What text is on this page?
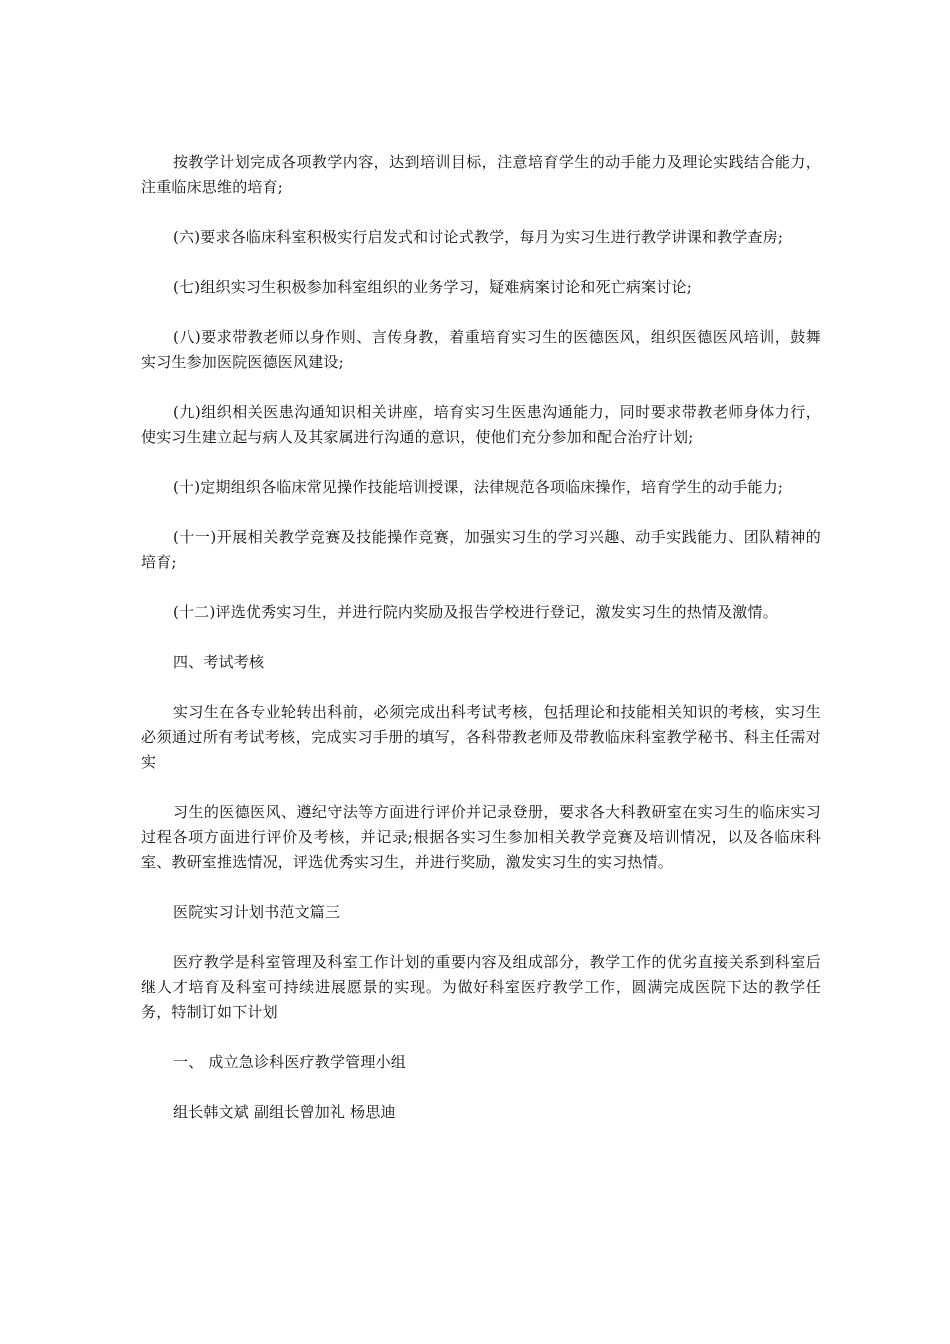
按教学计划完成各项教学内容，达到培训目标，注意培育学生的动手能力及理论实践结合能力，注重临床思维的培育;

(六)要求各临床科室积极实行启发式和讨论式教学，每月为实习生进行教学讲课和教学查房;

(七)组织实习生积极参加科室组织的业务学习，疑难病案讨论和死亡病案讨论;

(八)要求带教老师以身作则、言传身教，着重培育实习生的医德医风，组织医德医风培训，鼓舞实习生参加医院医德医风建设;

(九)组织相关医患沟通知识相关讲座，培育实习生医患沟通能力，同时要求带教老师身体力行，使实习生建立起与病人及其家属进行沟通的意识，使他们充分参加和配合治疗计划;

(十)定期组织各临床常见操作技能培训授课，法律规范各项临床操作，培育学生的动手能力;

(十一)开展相关教学竞赛及技能操作竞赛，加强实习生的学习兴趣、动手实践能力、团队精神的培育;

(十二)评选优秀实习生，并进行院内奖励及报告学校进行登记，激发实习生的热情及激情。

四、考试考核

实习生在各专业轮转出科前，必须完成出科考试考核，包括理论和技能相关知识的考核，实习生必须通过所有考试考核，完成实习手册的填写，各科带教老师及带教临床科室教学秘书、科主任需对实

习生的医德医风、遵纪守法等方面进行评价并记录登册，要求各大科教研室在实习生的临床实习过程各项方面进行评价及考核，并记录;根据各实习生参加相关教学竞赛及培训情况，以及各临床科室、教研室推选情况，评选优秀实习生，并进行奖励，激发实习生的实习热情。

医院实习计划书范文篇三

医疗教学是科室管理及科室工作计划的重要内容及组成部分，教学工作的优劣直接关系到科室后继人才培育及科室可持续进展愿景的实现。为做好科室医疗教学工作，圆满完成医院下达的教学任务，特制订如下计划

一、 成立急诊科医疗教学管理小组

组长韩文斌 副组长曾加礼 杨思迪
